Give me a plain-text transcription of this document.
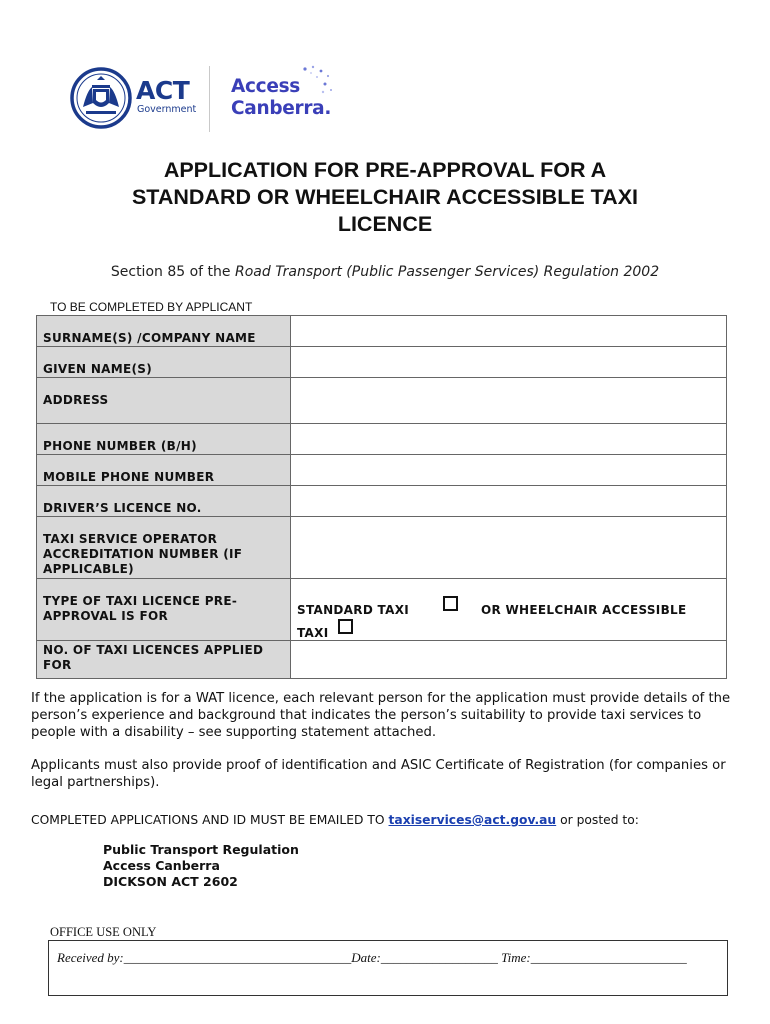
ACT
Government
Access
Canberra.
APPLICATION FOR PRE-APPROVAL FOR A
STANDARD OR WHEELCHAIR ACCESSIBLE TAXI
LICENCE
Section 85 of the Road Transport (Public Passenger Services) Regulation 2002
TO BE COMPLETED BY APPLICANT
SURNAME(S) /COMPANY NAME	

GIVEN NAME(S)	

ADDRESS	

PHONE NUMBER (B/H)	

MOBILE PHONE NUMBER	

DRIVER’S LICENCE NO.	

TAXI SERVICE OPERATOR ACCREDITATION NUMBER (IF APPLICABLE)	

TYPE OF TAXI LICENCE PRE-APPROVAL IS FOR	STANDARD TAXI OR WHEELCHAIR ACCESSIBLE
TAXI

NO. OF TAXI LICENCES APPLIED FOR	

If the application is for a WAT licence, each relevant person for the application must provide details of the person’s experience and background that indicates the person’s suitability to provide taxi services to people with a disability – see supporting statement attached.
Applicants must also provide proof of identification and ASIC Certificate of Registration (for companies or legal partnerships).
COMPLETED APPLICATIONS AND ID MUST BE EMAILED TO taxiservices@act.gov.au or posted to:
Public Transport Regulation
Access Canberra
DICKSON ACT 2602
OFFICE USE ONLY
Received by:___________________________________Date:__________________ Time:________________________
